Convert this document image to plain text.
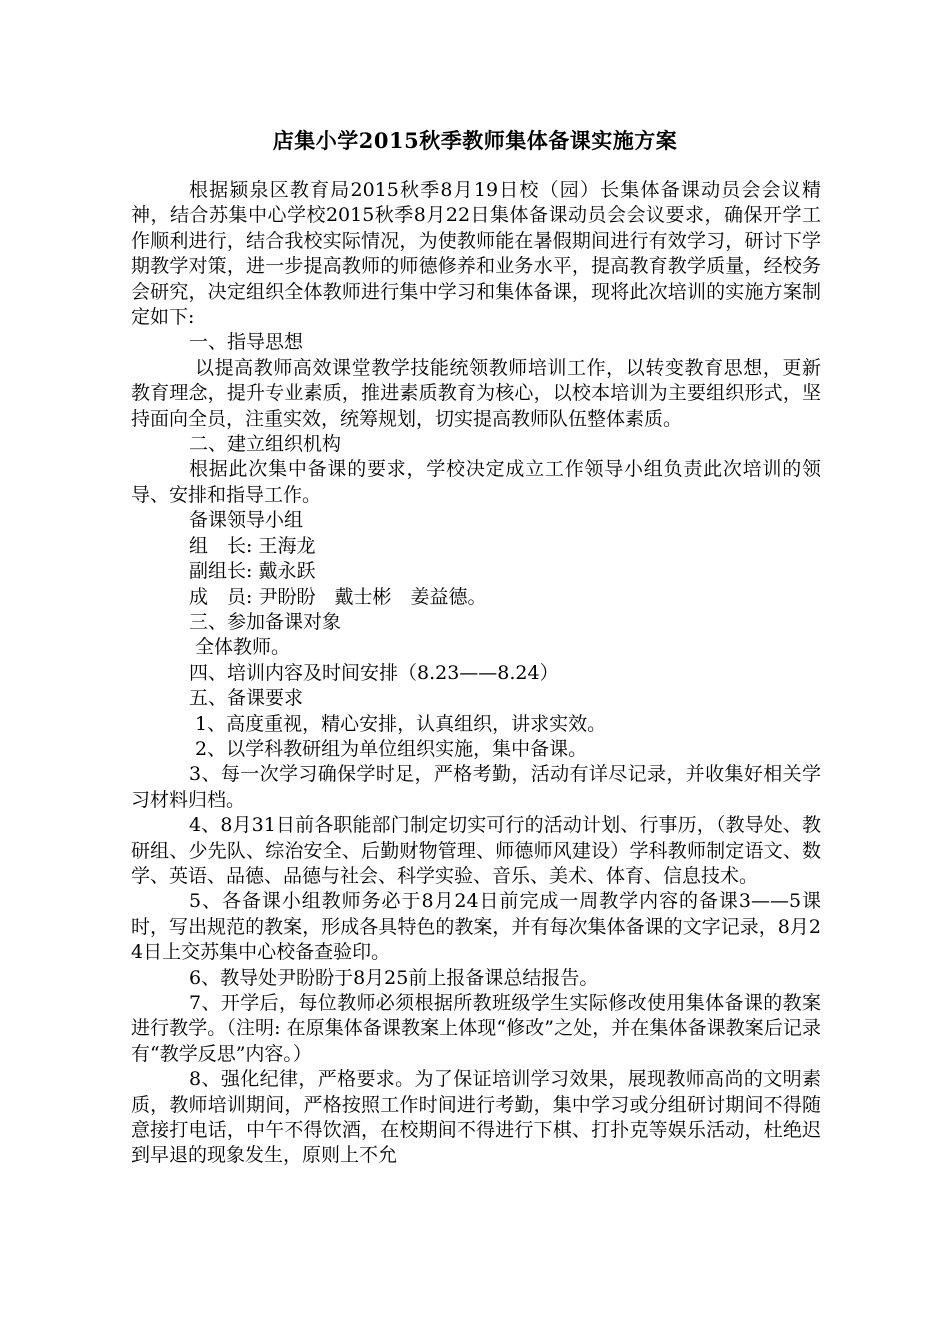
店集小学2015秋季教师集体备课实施方案

根据颍泉区教育局2015秋季8月19日校（园）长集体备课动员会会议精神，结合苏集中心学校2015秋季8月22日集体备课动员会会议要求，确保开学工作顺利进行，结合我校实际情况，为使教师能在暑假期间进行有效学习，研讨下学期教学对策，进一步提高教师的师德修养和业务水平，提高教育教学质量，经校务会研究，决定组织全体教师进行集中学习和集体备课，现将此次培训的实施方案制定如下:

一、指导思想

以提高教师高效课堂教学技能统领教师培训工作，以转变教育思想，更新教育理念，提升专业素质，推进素质教育为核心，以校本培训为主要组织形式，坚持面向全员，注重实效，统筹规划，切实提高教师队伍整体素质。

二、建立组织机构

根据此次集中备课的要求，学校决定成立工作领导小组负责此次培训的领导、安排和指导工作。

备课领导小组

组　长: 王海龙

副组长: 戴永跃

成　员: 尹盼盼　戴士彬　姜益德。

三、参加备课对象

全体教师。

四、培训内容及时间安排（8.23——8.24）

五、备课要求

1、高度重视，精心安排，认真组织，讲求实效。

2、以学科教研组为单位组织实施，集中备课。

3、每一次学习确保学时足，严格考勤，活动有详尽记录，并收集好相关学习材料归档。

4、8月31日前各职能部门制定切实可行的活动计划、行事历，（教导处、教研组、少先队、综治安全、后勤财物管理、师德师风建设）学科教师制定语文、数学、英语、品德、品德与社会、科学实验、音乐、美术、体育、信息技术。

5、各备课小组教师务必于8月24日前完成一周教学内容的备课3——5课时，写出规范的教案，形成各具特色的教案，并有每次集体备课的文字记录，8月24日上交苏集中心校备查验印。

6、教导处尹盼盼于8月25前上报备课总结报告。

7、开学后，每位教师必须根据所教班级学生实际修改使用集体备课的教案进行教学。（注明: 在原集体备课教案上体现“修改”之处，并在集体备课教案后记录有“教学反思”内容。）

8、强化纪律，严格要求。为了保证培训学习效果，展现教师高尚的文明素质，教师培训期间，严格按照工作时间进行考勤，集中学习或分组研讨期间不得随意接打电话，中午不得饮酒，在校期间不得进行下棋、打扑克等娱乐活动，杜绝迟到早退的现象发生，原则上不允
